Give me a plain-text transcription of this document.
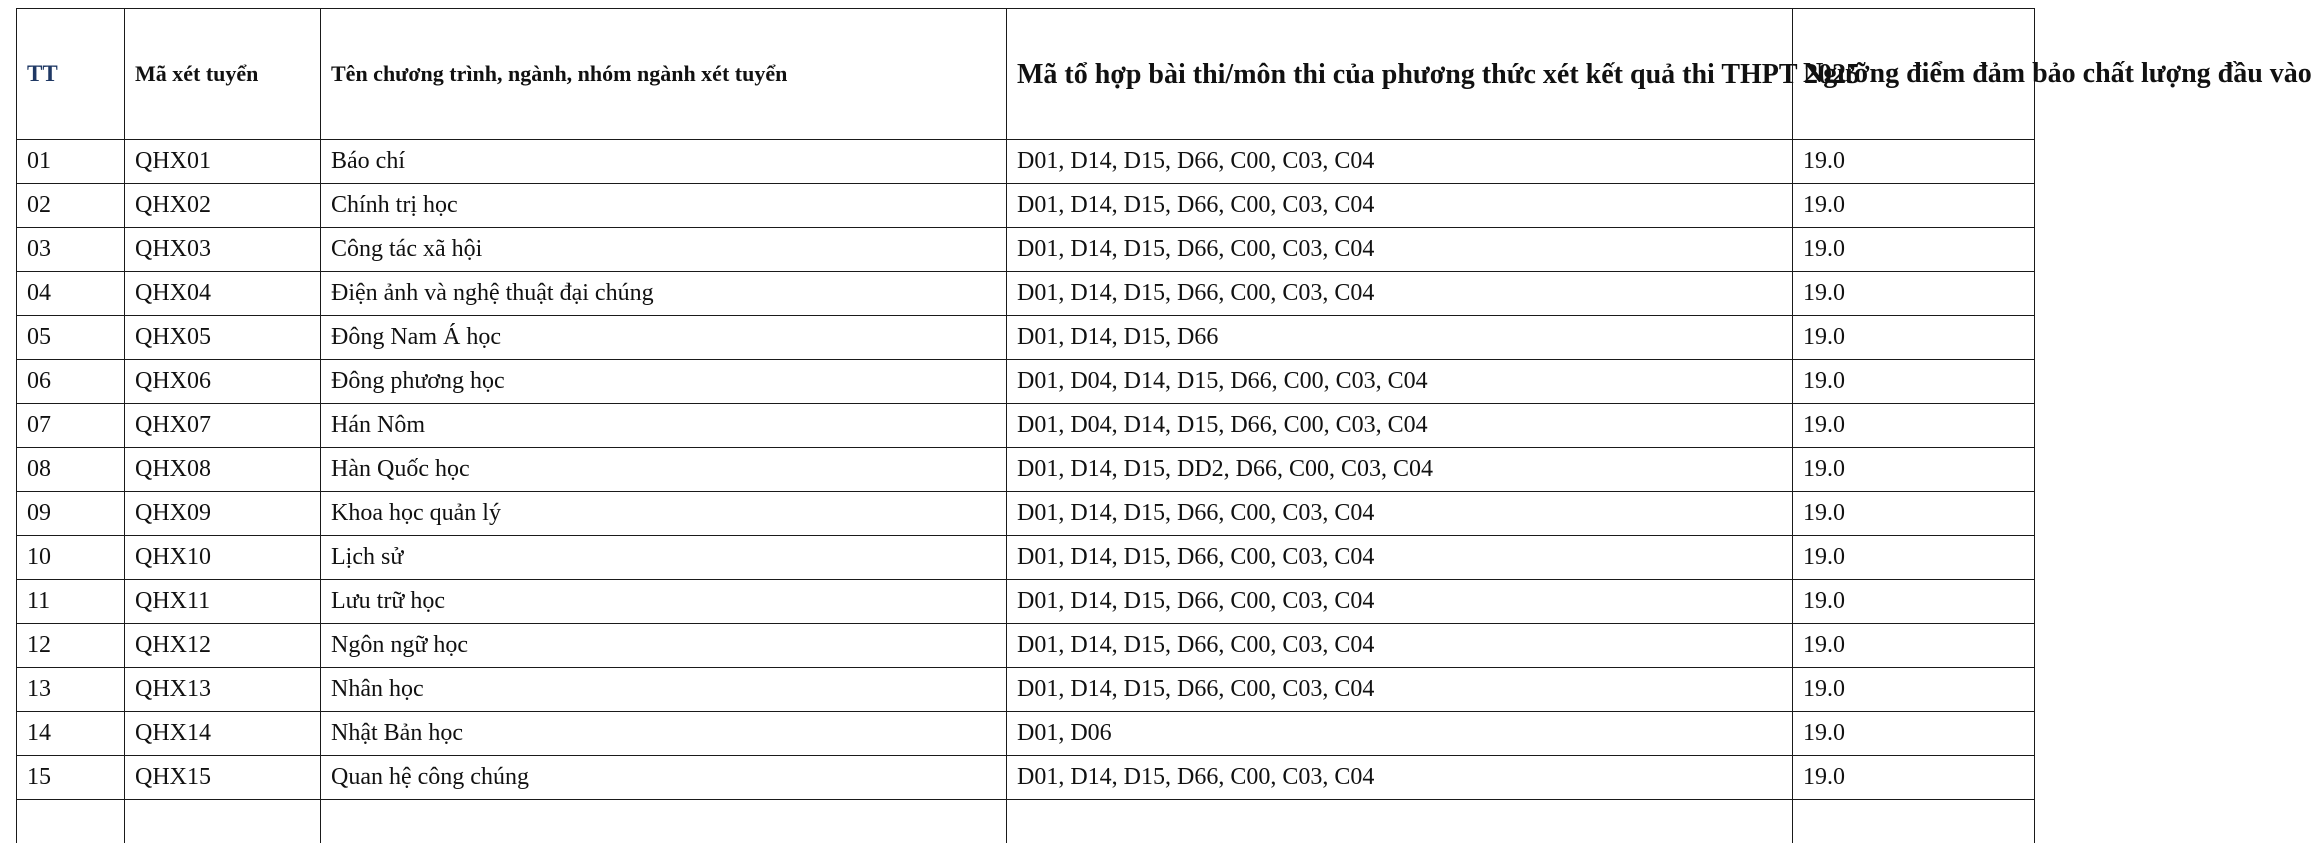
TT	Mã xét tuyển	Tên chương trình, ngành, nhóm ngành xét tuyển	Mã tổ hợp bài thi/môn thi của phương thức xét kết quả thi THPT 2025	Ngưỡng điểm đảm bảo chất lượng đầu vào
01	QHX01	Báo chí	D01, D14, D15, D66, C00, C03, C04	19.0
02	QHX02	Chính trị học	D01, D14, D15, D66, C00, C03, C04	19.0
03	QHX03	Công tác xã hội	D01, D14, D15, D66, C00, C03, C04	19.0
04	QHX04	Điện ảnh và nghệ thuật đại chúng	D01, D14, D15, D66, C00, C03, C04	19.0
05	QHX05	Đông Nam Á học	D01, D14, D15, D66	19.0
06	QHX06	Đông phương học	D01, D04, D14, D15, D66, C00, C03, C04	19.0
07	QHX07	Hán Nôm	D01, D04, D14, D15, D66, C00, C03, C04	19.0
08	QHX08	Hàn Quốc học	D01, D14, D15, DD2, D66, C00, C03, C04	19.0
09	QHX09	Khoa học quản lý	D01, D14, D15, D66, C00, C03, C04	19.0
10	QHX10	Lịch sử	D01, D14, D15, D66, C00, C03, C04	19.0
11	QHX11	Lưu trữ học	D01, D14, D15, D66, C00, C03, C04	19.0
12	QHX12	Ngôn ngữ học	D01, D14, D15, D66, C00, C03, C04	19.0
13	QHX13	Nhân học	D01, D14, D15, D66, C00, C03, C04	19.0
14	QHX14	Nhật Bản học	D01, D06	19.0
15	QHX15	Quan hệ công chúng	D01, D14, D15, D66, C00, C03, C04	19.0
